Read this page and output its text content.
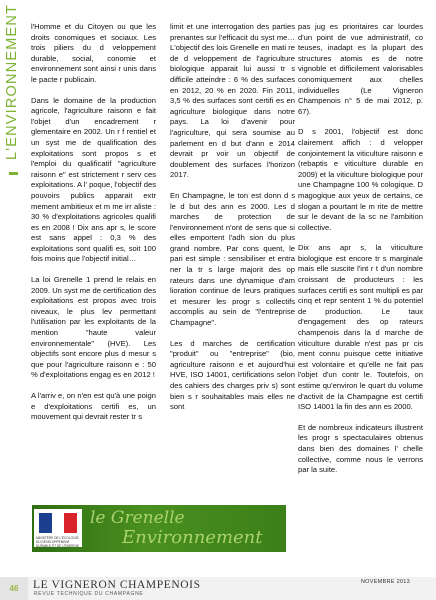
L'ENVIRONNEMENT l'Homme et du Citoyen ou que les droits conomiques et sociaux. Les trois piliers du d veloppement durable, social, conomie et environnement sont ainsi r unis dans le pacte r publicain.

Dans le domaine de la production agricole, l'agriculture raisonn e fait l'objet d'un encadrement r glementaire en 2002. Un r f rentiel et un syst me de qualification des exploitations sont propos s et l'emploi du qualificatif "agriculture raisonn e" est strictement r serv ces exploitations. A l' poque, l'objectif des pouvoirs publics apparait extr mement ambitieux et m me irr aliste : 30 % d'exploitations agricoles qualifi es en 2008 ! Dix ans apr s, le score est sans appel : 0,3 % des exploitations sont qualifi es, soit 100 fois moins que l'objectif initial…

La loi Grenelle 1 prend le relais en 2009. Un syst me de certification des exploitations est propos avec trois niveaux, le plus lev permettant l'utilisation par les exploitants de la mention "haute valeur environnementale" (HVE). Les objectifs sont encore plus d mesur s que pour l'agriculture raisonn e : 50 % d'exploitations engag es en 2012 !

A l'arriv e, on n'en est qu'à une poign e d'exploitations certifi es, un mouvement qui devrait rester tr s

limit et une interrogation des parties prenantes sur l'efficacit du syst me… L'objectif des lois Grenelle en mati re de d veloppement de l'agriculture biologique apparait lui aussi tr s difficile atteindre : 6 % des surfaces en 2012, 20 % en 2020. Fin 2011, 3,5 % des surfaces sont certifi es en agriculture biologique dans notre pays. La loi d'avenir pour l'agriculture, qui sera soumise au parlement en d but d'ann e 2014 devrait pr voir un objectif de doublement des surfaces l'horizon 2017.

En Champagne, le ton est donn d s le d but des ann es 2000. Les d marches de protection de l'environnement n'ont de sens que si elles emportent l'adh sion du plus grand nombre. Par cons quent, le pari est simple : sensibiliser et entra ner la tr s large majorit des op rateurs dans une dynamique d'am lioration continue de leurs pratiques et mesurer les progr s collectifs accomplis au sein de "l'entreprise Champagne".

Les d marches de certification "produit" ou "entreprise" (bio, agriculture raisonn e et aujourd'hui HVE, ISO 14001, certifications selon des cahiers des charges priv s) sont bien s r souhaitables mais elles ne sont

pas jug es prioritaires car lourdes d'un point de vue administratif, co teuses, inadapt es la plupart des structures atomis es de notre vignoble et difficilement valorisables conomiquement aux chelles individuelles (Le Vigneron Champenois n° 5 de mai 2012, p. 67).

D s 2001, l'objectif est donc clairement affich : d velopper conjointement la viticulture raisonn e (rebaptis e viticulture durable en 2009) et la viticulture biologique pour une Champagne 100 % cologique. D magogique aux yeux de certains, ce slogan a pourtant le m rite de mettre sur le devant de la sc ne l'ambition collective.

Dix ans apr s, la viticulture biologique est encore tr s marginale mais elle suscite l'int r t d'un nombre croissant de producteurs : les surfaces certifi es sont multipli es par cinq et repr sentent 1 % du potentiel de production. Le taux d'engagement des op rateurs champenois dans la d marche de viticulture durable n'est pas pr cis ment connu puisque cette initiative est volontaire et qu'elle ne fait pas l'objet d'un contr le. Toutefois, on estime qu'environ le quart du volume d'activit de la Champagne est certifi ISO 14001 la fin des ann es 2000.

Et de nombreux indicateurs illustrent les progr s spectaculaires obtenus dans bien des domaines l' chelle collective, comme nous le verrons par la suite.

MINISTÈRE DE L'ÉCOLOGIE, DU DÉVELOPPEMENT DURABLE ET DE L'ÉNERGIE
le Grenelle
Environnement
46	LE VIGNERON CHAMPENOIS
REVUE TECHNIQUE DU CHAMPAGNE
NOVEMBRE 2013
